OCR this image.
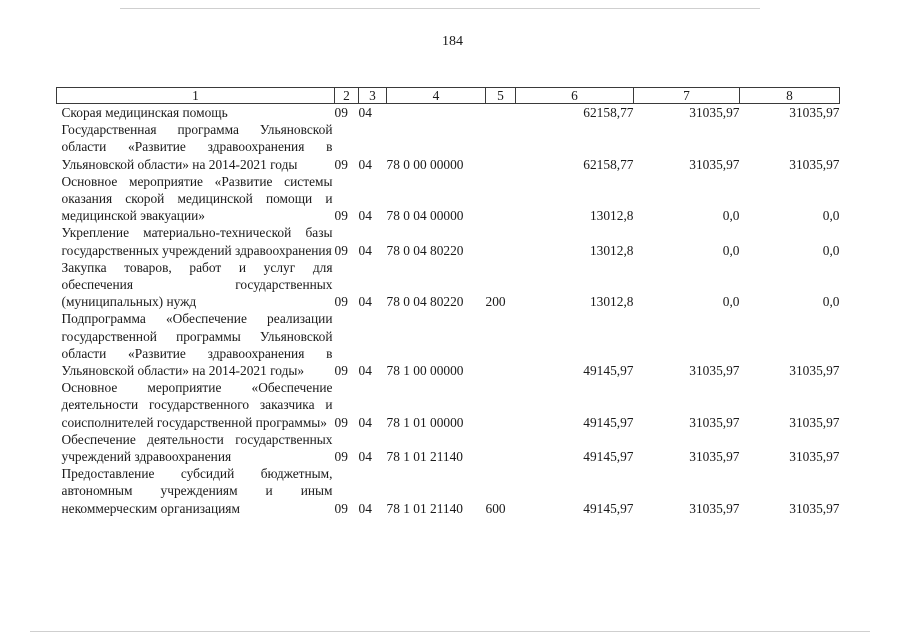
184
1	2	3	4	5	6	7	8
Скорая медицинская помощь	09	04			62158,77	31035,97	31035,97
Государственная программа Ульяновской области «Развитие здравоохранения в Ульяновской области» на 2014-2021 годы	09	04	78 0 00 00000		62158,77	31035,97	31035,97
Основное мероприятие «Развитие системы оказания скорой медицинской помощи и медицинской эвакуации»	09	04	78 0 04 00000		13012,8	0,0	0,0
Укрепление материально-технической базы государственных учреждений здравоохранения	09	04	78 0 04 80220		13012,8	0,0	0,0
Закупка товаров, работ и услуг для обеспечения государственных (муниципальных) нужд	09	04	78 0 04 80220	200	13012,8	0,0	0,0
Подпрограмма «Обеспечение реализации государственной программы Ульяновской области «Развитие здравоохранения в Ульяновской области» на 2014-2021 годы»	09	04	78 1 00 00000		49145,97	31035,97	31035,97
Основное мероприятие «Обеспечение деятельности государственного заказчика и соисполнителей государственной программы»	09	04	78 1 01 00000		49145,97	31035,97	31035,97
Обеспечение деятельности государственных учреждений здравоохранения	09	04	78 1 01 21140		49145,97	31035,97	31035,97
Предоставление субсидий бюджетным, автономным учреждениям и иным некоммерческим организациям	09	04	78 1 01 21140	600	49145,97	31035,97	31035,97
